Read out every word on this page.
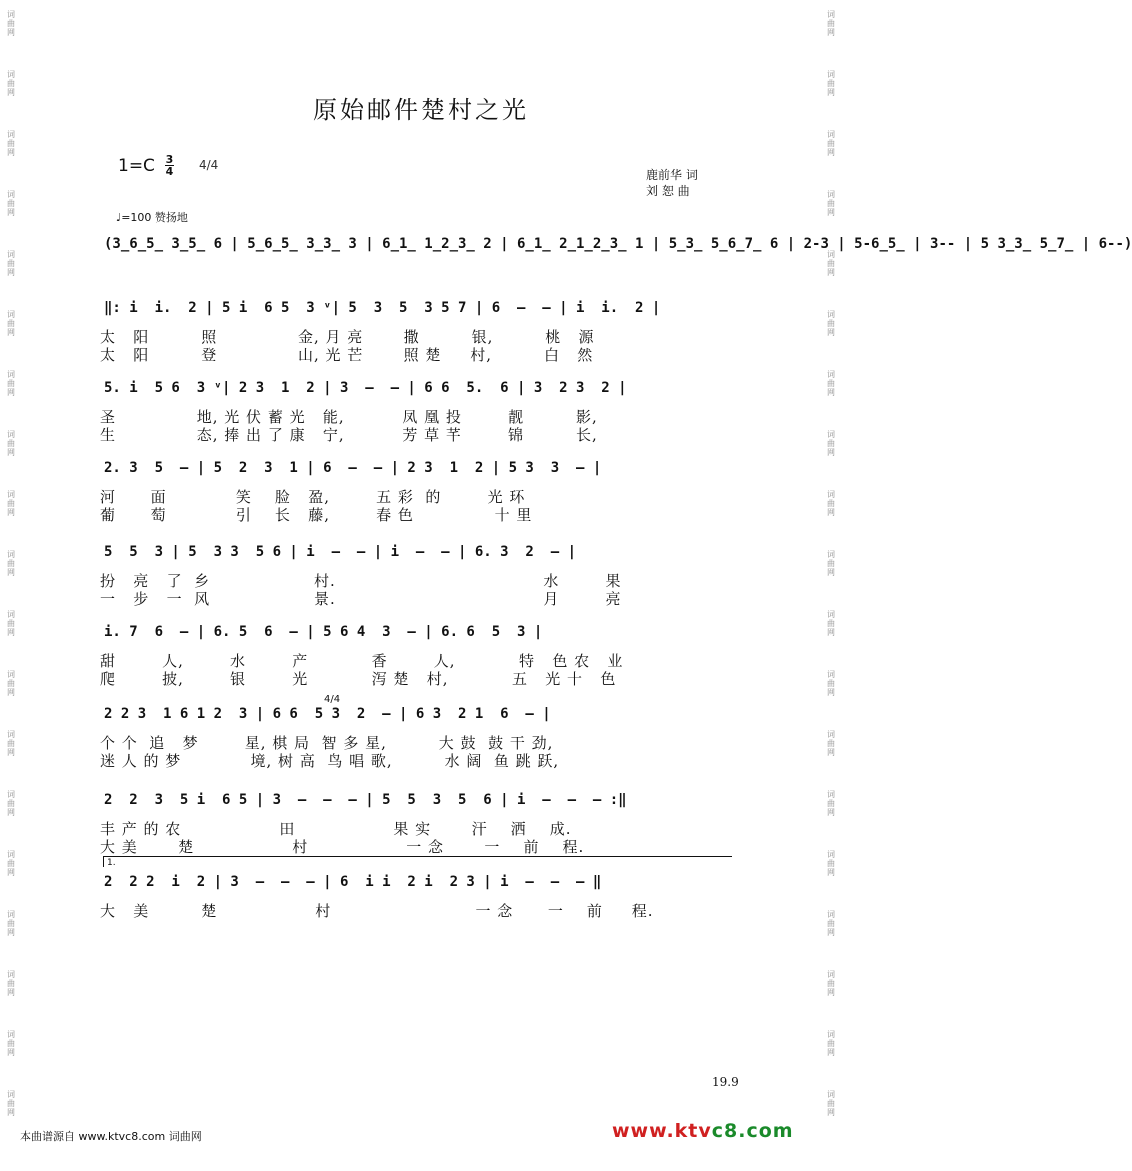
词
曲
网
词
曲
网
词
曲
网
词
曲
网
词
曲
网
词
曲
网
词
曲
网
词
曲
网
词
曲
网
词
曲
网
词
曲
网
词
曲
网
词
曲
网
词
曲
网
词
曲
网
词
曲
网
词
曲
网
词
曲
网
词
曲
网
词
曲
网
词
曲
网
词
曲
网
词
曲
网
词
曲
网
词
曲
网
词
曲
网
词
曲
网
词
曲
网
词
曲
网
词
曲
网
词
曲
网
词
曲
网
词
曲
网
词
曲
网
词
曲
网
词
曲
网
词
曲
网
词
曲
网
原始邮件楚村之光
$1=C \frac{3}{4} 4/4$
鹿前华 词
刘 恕 曲
♩=100 赞扬地
(3̲6̲5̲ 3̲5̲ 6 | 5̲6̲5̲ 3̲3̲ 3 | 6̲1̲ 1̲2̲3̲ 2 | 6̲1̲ 2̲1̲2̲3̲ 1 | 5̲3̲ 5̲6̲7̲ 6 | 2-3 | 5-6̲5̲ | 3-- | 5 3̲3̲ 5̲7̲ | 6--)
‖: i  i.  2 | 5 i  6 5  3 ᵛ| 5  3  5  3 5 7 | 6  –  – | i  i.  2 |
太   阳         照              金, 月 亮       撒         银,         桃   源
太   阳         登              山, 光 芒       照 楚     村,         白   然
5. i  5 6  3 ᵛ| 2 3  1  2 | 3  –  – | 6 6  5.  6 | 3  2 3  2 |
圣              地, 光 伏 蓄 光   能,          凤 凰 投        靓         影,
生              态, 捧 出 了 康   宁,          芳 草 芊        锦         长,
2. 3  5  – | 5  2  3  1 | 6  –  – | 2 3  1  2 | 5 3  3  – |
河      面            笑    脸   盈,        五 彩  的        光 环
葡      萄            引    长   藤,        春 色              十 里
5  5  3 | 5  3 3  5 6 | i  –  – | i  –  – | 6. 3  2  – |
扮   亮   了  乡                  村.                                    水        果
一   步   一  风                  景.                                    月        亮
i. 7  6  – | 6. 5  6  – | 5 6 4  3  – | 6. 6  5  3 |
甜        人,        水        产           香        人,           特   色 农   业
爬        披,        银        光           泻 楚   村,           五   光 十   色
2 2 3  1 6 1 2  3 | 6 6  5 3  2  – | 6 3  2 1  6  – |
个 个  追   梦        星, 棋 局  智 多 星,         大 鼓  鼓 干 劲,
迷 人 的 梦            境, 树 高  鸟 唱 歌,         水 阔  鱼 跳 跃,
2  2  3  5 i  6 5 | 3  –  –  – | 5  5  3  5  6 | i  –  –  – :‖
丰 产 的 农                 田                 果 实       汗    洒    成.
大 美       楚                 村                 一 念       一    前    程.
2  2 2  i  2 | 3  –  –  – | 6  i i  2 i  2 3 | i  –  –  – ‖
大   美         楚                 村                         一 念      一    前     程.
4/4
1.
19.9
本曲谱源自 www.ktvc8.com 词曲网	www.ktvc8.com
